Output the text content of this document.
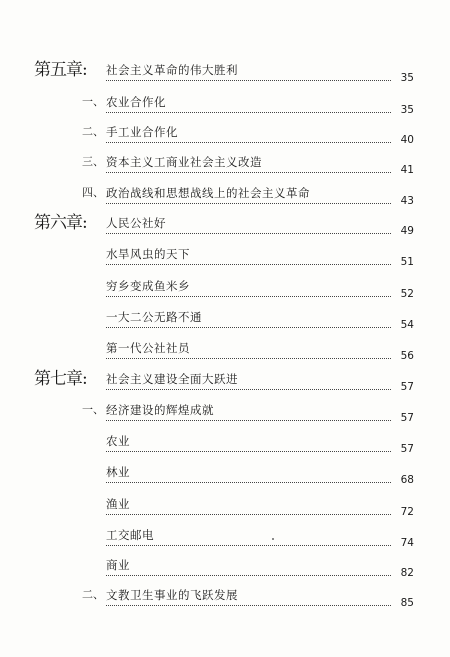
第五章: 社会主义革命的伟大胜利
35
一、 农业合作化
35
二、 手工业合作化
40
三、 资本主义工商业社会主义改造
41
四、 政治战线和思想战线上的社会主义革命
43
第六章: 人民公社好
49
水旱风虫的天下
51
穷乡变成鱼米乡
52
一大二公无路不通
54
第一代公社社员
56
第七章: 社会主义建设全面大跃进
57
一、 经济建设的辉煌成就
57
农业
57
林业
68
渔业
72
工交邮电
74
商业
82
二、 文教卫生事业的飞跃发展
85
